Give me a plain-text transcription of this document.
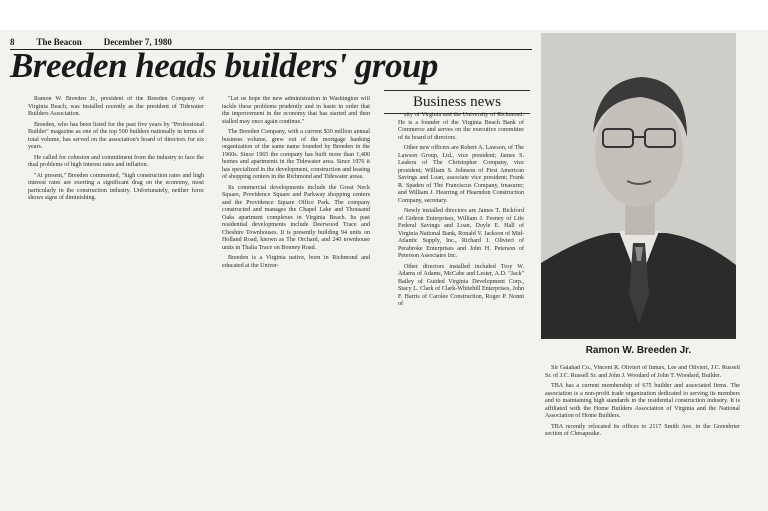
8 The Beacon December 7, 1980
Breeden heads builders' group

Ramon W. Breeden Jr., president of the Breeden Company of Virginia Beach, was installed recently as the president of Tidewater Builders Association.

Breeden, who has been listed for the past five years by "Professional Builder" magazine as one of the top 500 builders nationally in terms of total volume, has served on the association's board of directors for six years.

He called for cohesion and commitment from the industry to face the dual problems of high interest rates and inflation.

"At present," Breeden commented, "high construction rates and high interest rates are exerting a significant drag on the economy, most particularly in the construction industry. Unfortunately, neither force shows signs of diminishing.

"Let us hope the new administration in Washington will tackle these problems prudently and in haste in order that the improvement in the economy that has started and then stalled may once again continue."

The Breeden Company, with a current $30 million annual business volume, grew out of the mortgage banking organization of the same name founded by Breeden in the 1960s. Since 1965 the company has built more than 1,400 homes and apartments in the Tidewater area. Since 1976 it has specialized in the development, construction and leasing of shopping centers in the Richmond and Tidewater areas.

Its commercial developments include the Great Neck Square, Providence Square and Parkway shopping centers and the Providence Square Office Park. The company constructed and manages the Chapel Lake and Thousand Oaks apartment complexes in Virginia Beach. Its past residential developments include Deerwood Trace and Cheshire Townhouses. It is presently building 94 units on Holland Road, known as The Orchard, and 240 townhouse units in Thalia Trace on Bonney Road.

Breeden is a Virginia native, born in Richmond and educated at the Univer-

Business news

sity of Virginia and the University of Richmond. He is a founder of the Virginia Beach Bank of Commerce and serves on the executive committee of its board of directors.

Other new officers are Robert A. Lawson, of The Lawson Group, Ltd., vice president; James S. Leakou of The Christopher Company, vice president; William S. Johnson of First American Savings and Loan, associate vice president; Frank R. Spaden of The Franciscus Company, treasurer; and William J. Hearring of Hearndon Construction Company, secretary.

Newly installed directors are James T. Bickford of Gideon Enterprises, William J. Feeney of Life Federal Savings and Loan, Doyle E. Hall of Virginia National Bank, Ronald V. Jackson of Mid-Atlantic Supply, Inc., Richard J. Olivieri of Perabroke Enterprises and John H. Peterson of Peterson Associates Inc.

Other directors installed included Troy W. Adams of Adams, McCabe and Lester, A.D. "Jack" Bailey of Guided Virginia Development Corp., Stacy L. Clark of Clark-Whitehill Enterprises, John F. Harris of Carolee Construction, Roger P. Nonni of

Ramon W. Breeden Jr.

Sir Galahad Co., Vincent R. Olivieri of Inmax, Lee and Olivieri, J.C. Russell Sr. of J.C. Russell Sr. and John J. Woodard of John T. Woodard, Builder.

TBA has a current membership of 675 builder and associated firms. The association is a non-profit trade organization dedicated to serving its members and to maintaining high standards in the residential construction industry. It is affiliated with the Home Builders Association of Virginia and the National Association of Home Builders.

TBA recently relocated its offices to 2117 Smith Ave. in the Greenbrier section of Chesapeake.
